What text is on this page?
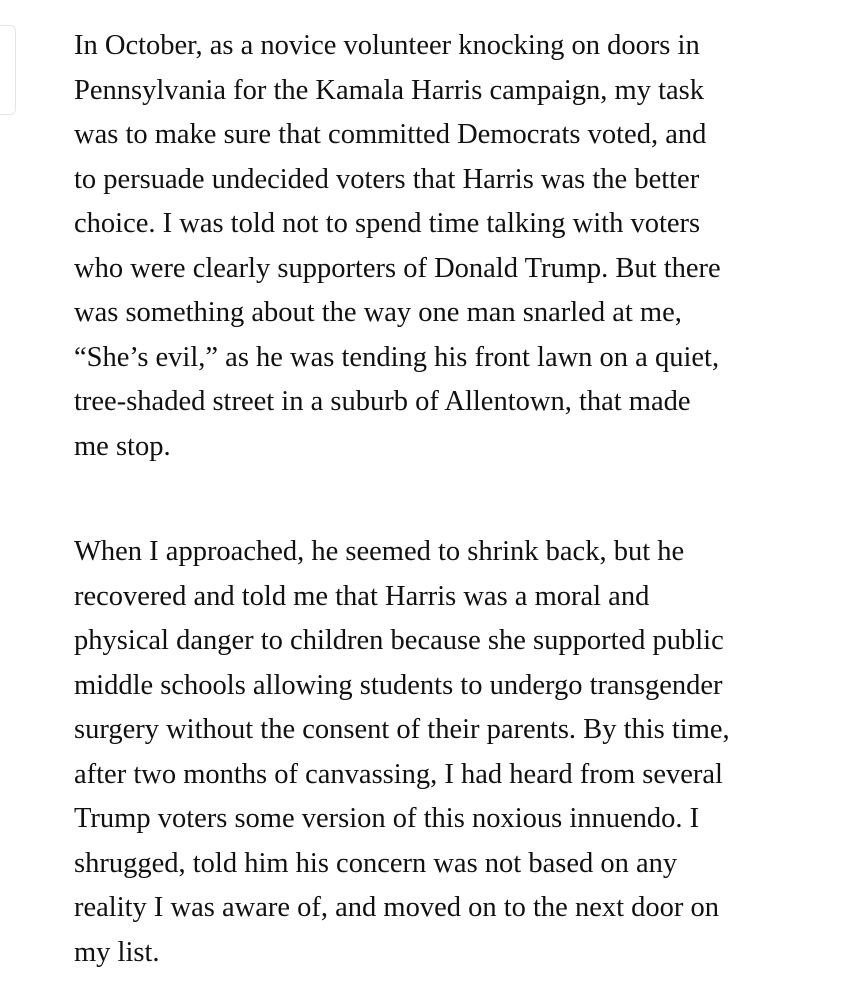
In October, as a novice volunteer knocking on doors in
Pennsylvania for the Kamala Harris campaign, my task
was to make sure that committed Democrats voted, and
to persuade undecided voters that Harris was the better
choice. I was told not to spend time talking with voters
who were clearly supporters of Donald Trump. But there
was something about the way one man snarled at me,
“She’s evil,” as he was tending his front lawn on a quiet,
tree-shaded street in a suburb of Allentown, that made
me stop.

When I approached, he seemed to shrink back, but he
recovered and told me that Harris was a moral and
physical danger to children because she supported public
middle schools allowing students to undergo transgender
surgery without the consent of their parents. By this time,
after two months of canvassing, I had heard from several
Trump voters some version of this noxious innuendo. I
shrugged, told him his concern was not based on any
reality I was aware of, and moved on to the next door on
my list.
